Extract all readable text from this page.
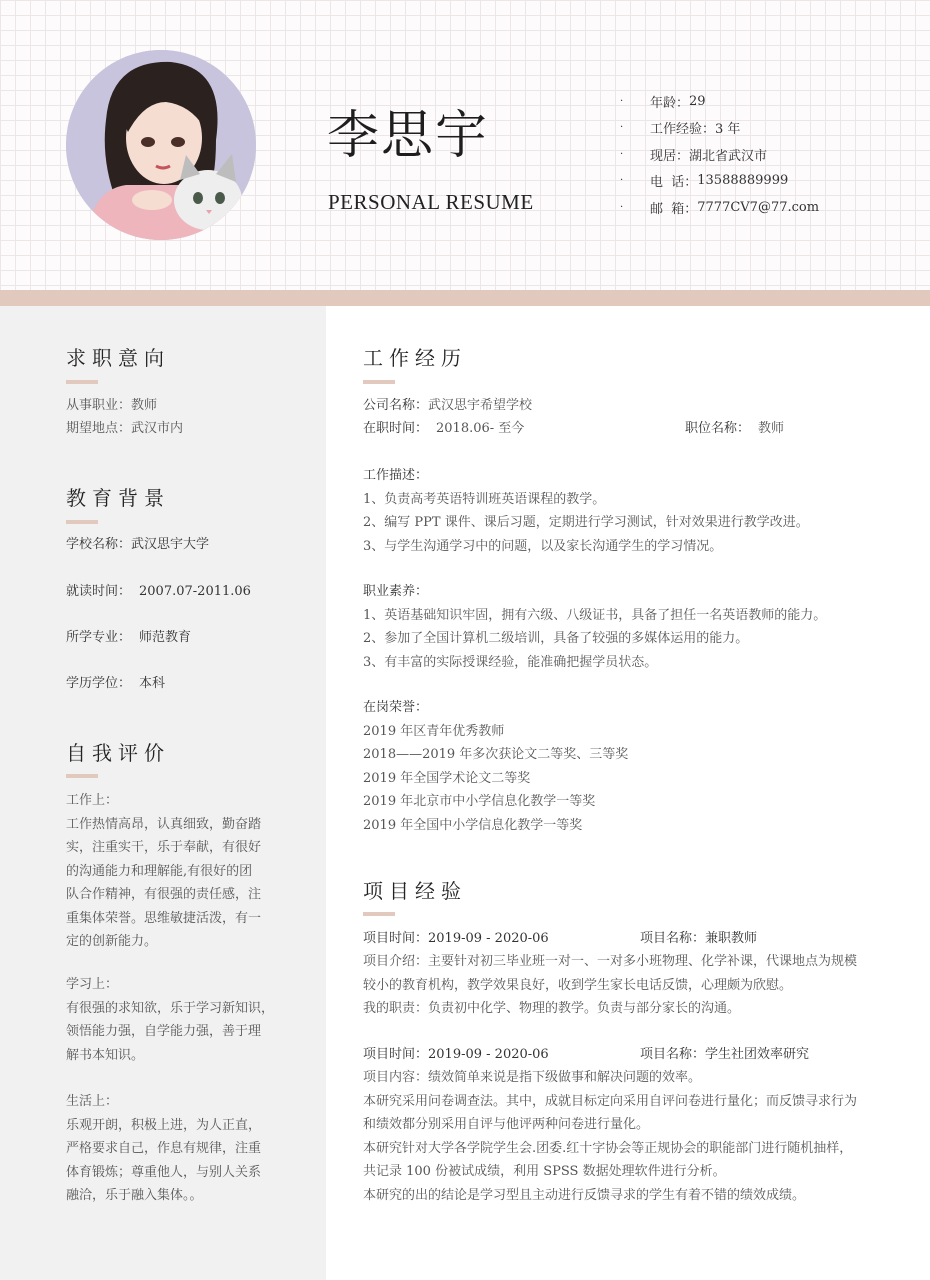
李思宇
PERSONAL RESUME
·	年龄： 29
·	工作经验： 3 年
·	现居： 湖北省武汉市
·	电  话： 13588889999
·	邮  箱： 7777CV7@77.com
求职意向
从事职业：教师
期望地点：武汉市内
教育背景
学校名称：武汉思宇大学
就读时间： 2007.07-2011.06
所学专业： 师范教育
学历学位： 本科
自我评价
工作上：
工作热情高昂，认真细致，勤奋踏
实，注重实干，乐于奉献，有很好
的沟通能力和理解能,有很好的团
队合作精神，有很强的责任感，注
重集体荣誉。思维敏捷活泼，有一
定的创新能力。
学习上：
有很强的求知欲，乐于学习新知识，
领悟能力强，自学能力强，善于理
解书本知识。
生活上：
乐观开朗，积极上进，为人正直，
严格要求自己，作息有规律，注重
体育锻炼；尊重他人，与别人关系
融洽，乐于融入集体。。
工作经历
公司名称：武汉思宇希望学校
在职时间： 2018.06- 至今	职位名称： 教师
工作描述：
1、负责高考英语特训班英语课程的教学。
2、编写 PPT 课件、课后习题，定期进行学习测试，针对效果进行教学改进。
3、与学生沟通学习中的问题，以及家长沟通学生的学习情况。
职业素养：
1、英语基础知识牢固，拥有六级、八级证书，具备了担任一名英语教师的能力。
2、参加了全国计算机二级培训，具备了较强的多媒体运用的能力。
3、有丰富的实际授课经验，能准确把握学员状态。
在岗荣誉：
2019 年区青年优秀教师
2018——2019 年多次获论文二等奖、三等奖
2019 年全国学术论文二等奖
2019 年北京市中小学信息化教学一等奖
2019 年全国中小学信息化教学一等奖
项目经验
项目时间：2019-09 - 2020-06	项目名称：兼职教师
项目介绍：主要针对初三毕业班一对一、一对多小班物理、化学补课，代课地点为规模
较小的教育机构，教学效果良好，收到学生家长电话反馈，心理颇为欣慰。
我的职责：负责初中化学、物理的教学。负责与部分家长的沟通。
项目时间：2019-09 - 2020-06	项目名称：学生社团效率研究
项目内容：绩效简单来说是指下级做事和解决问题的效率。
本研究采用问卷调查法。其中，成就目标定向采用自评问卷进行量化；而反馈寻求行为
和绩效都分别采用自评与他评两种问卷进行量化。
本研究针对大学各学院学生会.团委.红十字协会等正规协会的职能部门进行随机抽样，
共记录 100 份被试成绩，利用 SPSS 数据处理软件进行分析。
本研究的出的结论是学习型且主动进行反馈寻求的学生有着不错的绩效成绩。
